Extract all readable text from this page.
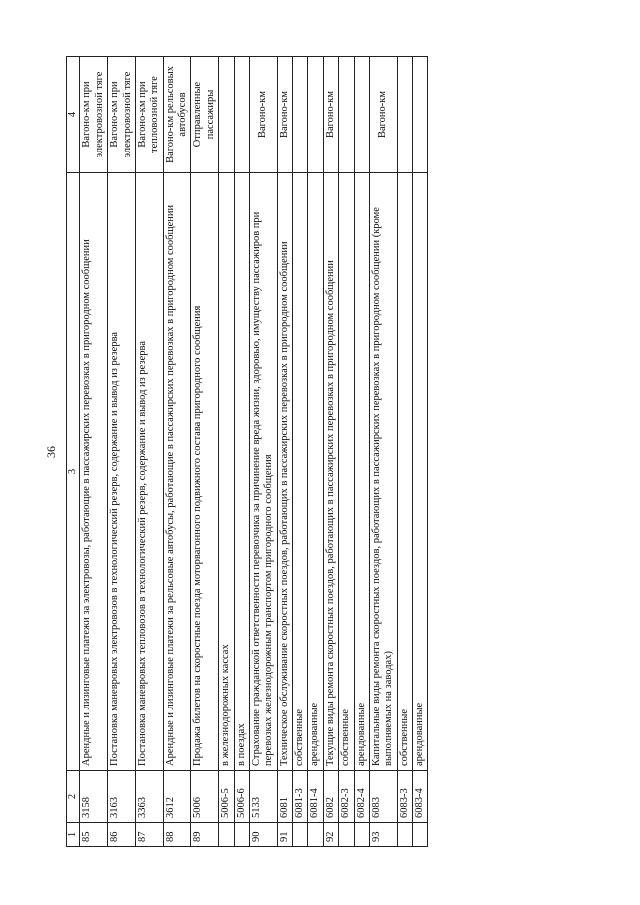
36
1	2	3	4
85	3158	Арендные и лизинговые платежи за электровозы, работающие в пассажирских перевозках в пригородном сообщении	Вагоно-км при электровозной тяге
86	3163	Постановка маневровых электровозов в технологический резерв, содержание и вывод из резерва	Вагоно-км при электровозной тяге
87	3363	Постановка маневровых тепловозов в технологический резерв, содержание и вывод из резерва	Вагоно-км при тепловозной тяге
88	3612	Арендные и лизинговые платежи за рельсовые автобусы, работающие в пассажирских перевозках в пригородном сообщении	Вагоно-км рельсовых автобусов
89	5006	Продажа билетов на скоростные поезда моторвагонного подвижного состава пригородного сообщения	Отправленные пассажиры
	5006-5	в железнодорожных кассах	
	5006-6	в поездах	
90	5133	Страхование гражданской ответственности перевозчика за причинение вреда жизни, здоровью, имуществу пассажиров при перевозках железнодорожным транспортом пригородного сообщения	Вагоно-км
91	6081	Техническое обслуживание скоростных поездов, работающих в пассажирских перевозках в пригородном сообщении	Вагоно-км
	6081-3	собственные	
	6081-4	арендованные	
92	6082	Текущие виды ремонта скоростных поездов, работающих в пассажирских перевозках в пригородном сообщении	Вагоно-км
	6082-3	собственные	
	6082-4	арендованные	
93	6083	Капитальные виды ремонта скоростных поездов, работающих в пассажирских перевозках в пригородном сообщении (кроме выполняемых на заводах)	Вагоно-км
	6083-3	собственные	
	6083-4	арендованные	
